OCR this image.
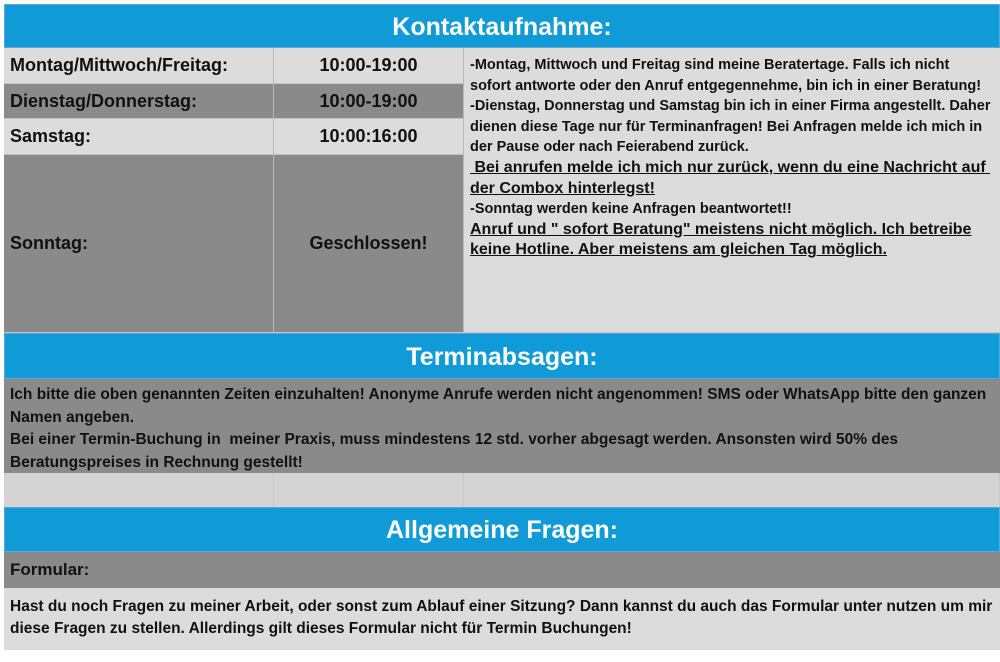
Kontaktaufnahme:
Montag/Mittwoch/Freitag:	10:00-19:00
Dienstag/Donnerstag:	10:00-19:00
Samstag:	10:00:16:00
Sonntag:	Geschlossen!

-Montag, Mittwoch und Freitag sind meine Beratertage. Falls ich nicht sofort antworte oder den Anruf entgegennehme, bin ich in einer Beratung!

-Dienstag, Donnerstag und Samstag bin ich in einer Firma angestellt. Daher dienen diese Tage nur für Terminanfragen! Bei Anfragen melde ich mich in der Pause oder nach Feierabend zurück.

Bei anrufen melde ich mich nur zurück, wenn du eine Nachricht auf der Combox hinterlegst!

-Sonntag werden keine Anfragen beantwortet!!

Anruf und " sofort Beratung" meistens nicht möglich. Ich betreibe keine Hotline. Aber meistens am gleichen Tag möglich.

Terminabsagen:

Ich bitte die oben genannten Zeiten einzuhalten! Anonyme Anrufe werden nicht angenommen! SMS oder WhatsApp bitte den ganzen Namen angeben.

Bei einer Termin-Buchung in  meiner Praxis, muss mindestens 12 std. vorher abgesagt werden. Ansonsten wird 50% des Beratungspreises in Rechnung gestellt!

Allgemeine Fragen:
Formular:
Hast du noch Fragen zu meiner Arbeit, oder sonst zum Ablauf einer Sitzung? Dann kannst du auch das Formular unter nutzen um mir diese Fragen zu stellen. Allerdings gilt dieses Formular nicht für Termin Buchungen!
